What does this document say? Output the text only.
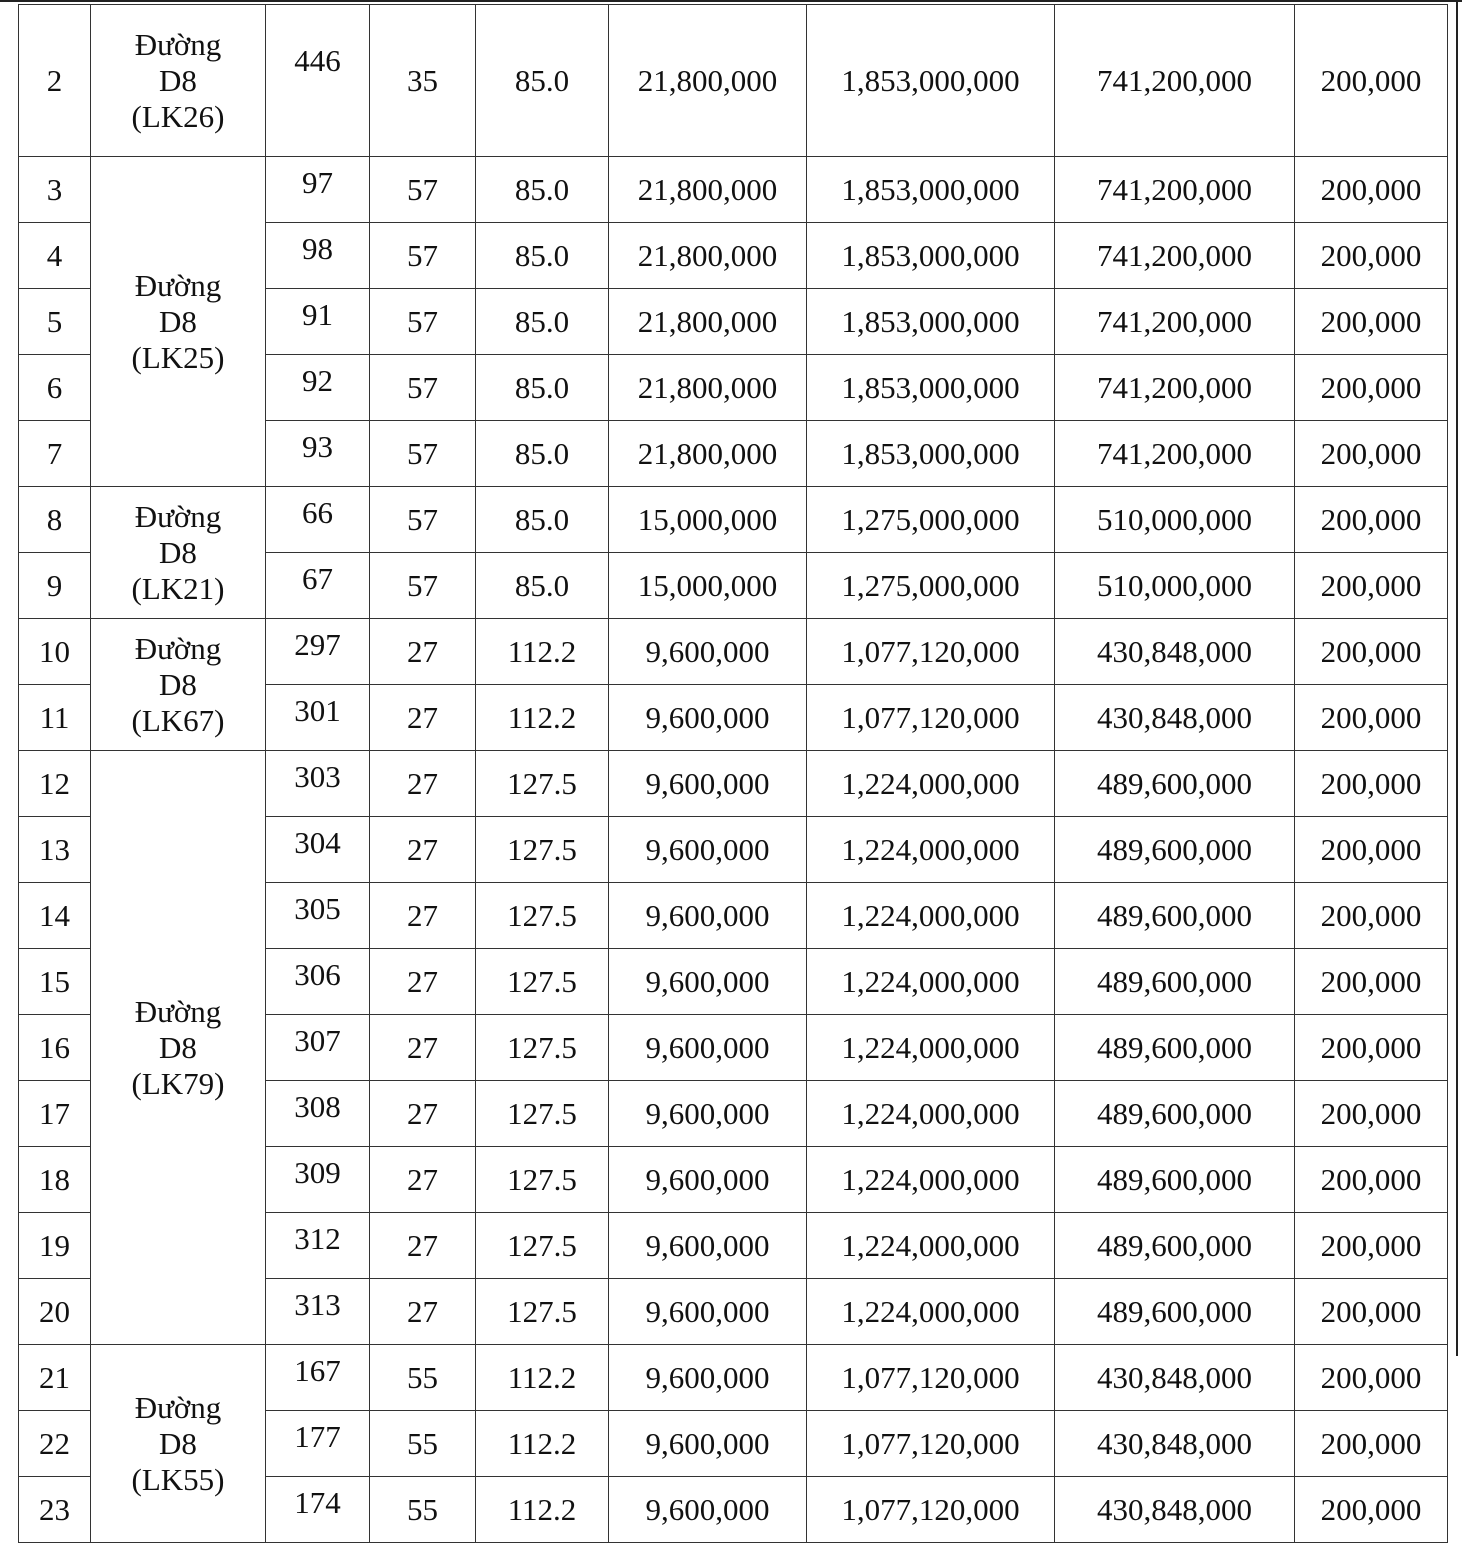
2	Đường
D8
(LK26)	446	35	85.0	21,800,000	1,853,000,000	741,200,000	200,000
3	Đường
D8
(LK25)	97	57	85.0	21,800,000	1,853,000,000	741,200,000	200,000
4		98	57	85.0	21,800,000	1,853,000,000	741,200,000	200,000
5		91	57	85.0	21,800,000	1,853,000,000	741,200,000	200,000
6		92	57	85.0	21,800,000	1,853,000,000	741,200,000	200,000
7		93	57	85.0	21,800,000	1,853,000,000	741,200,000	200,000
8	Đường
D8
(LK21)	66	57	85.0	15,000,000	1,275,000,000	510,000,000	200,000
9		67	57	85.0	15,000,000	1,275,000,000	510,000,000	200,000
10	Đường
D8
(LK67)	297	27	112.2	9,600,000	1,077,120,000	430,848,000	200,000
11		301	27	112.2	9,600,000	1,077,120,000	430,848,000	200,000
12	Đường
D8
(LK79)	303	27	127.5	9,600,000	1,224,000,000	489,600,000	200,000
13		304	27	127.5	9,600,000	1,224,000,000	489,600,000	200,000
14		305	27	127.5	9,600,000	1,224,000,000	489,600,000	200,000
15		306	27	127.5	9,600,000	1,224,000,000	489,600,000	200,000
16		307	27	127.5	9,600,000	1,224,000,000	489,600,000	200,000
17		308	27	127.5	9,600,000	1,224,000,000	489,600,000	200,000
18		309	27	127.5	9,600,000	1,224,000,000	489,600,000	200,000
19		312	27	127.5	9,600,000	1,224,000,000	489,600,000	200,000
20		313	27	127.5	9,600,000	1,224,000,000	489,600,000	200,000
21	Đường
D8
(LK55)	167	55	112.2	9,600,000	1,077,120,000	430,848,000	200,000
22		177	55	112.2	9,600,000	1,077,120,000	430,848,000	200,000
23		174	55	112.2	9,600,000	1,077,120,000	430,848,000	200,000
